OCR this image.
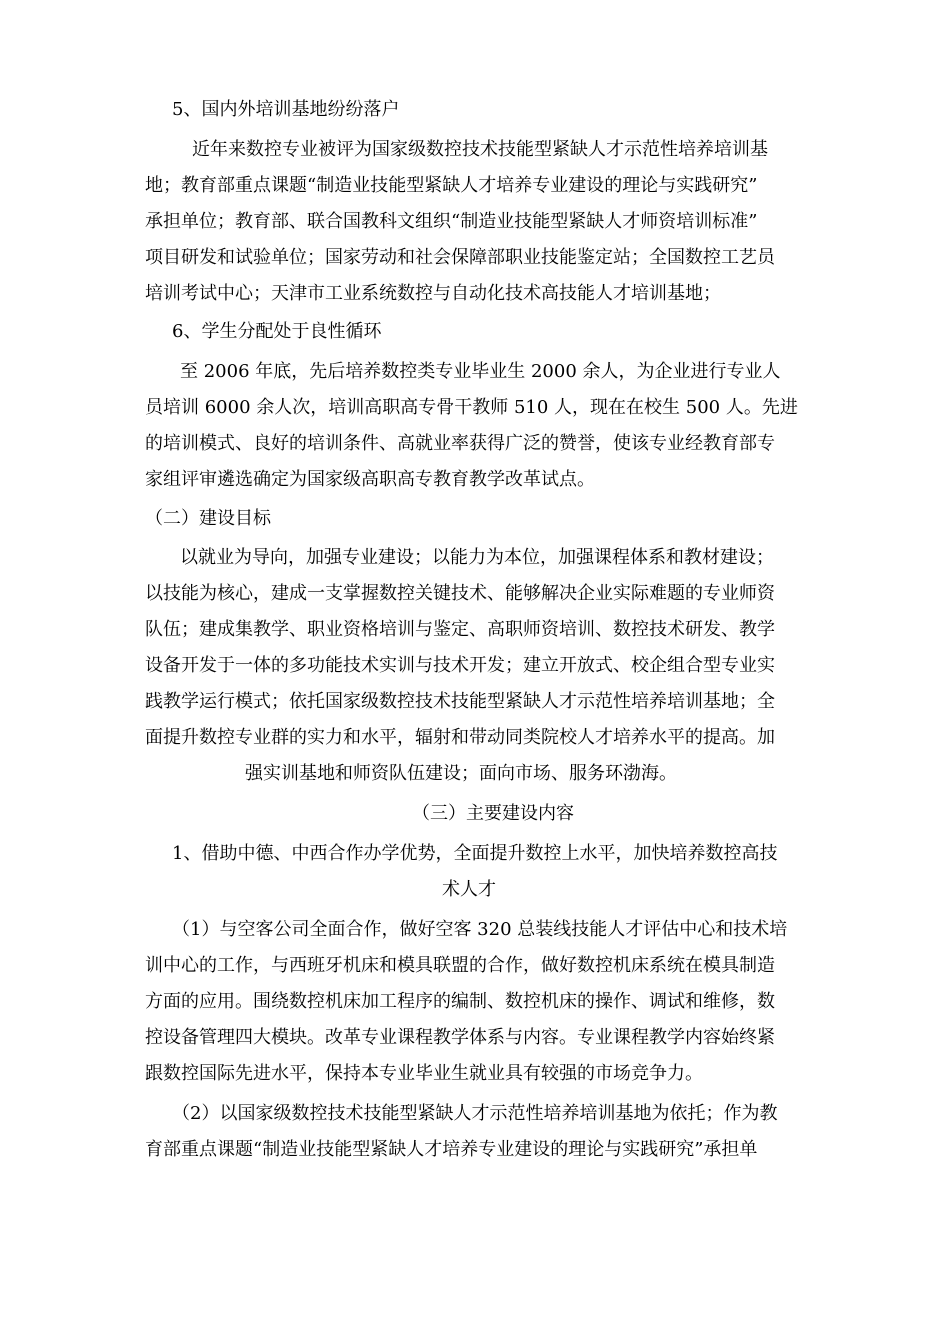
5、国内外培训基地纷纷落户
近年来数控专业被评为国家级数控技术技能型紧缺人才示范性培养培训基
地；教育部重点课题“制造业技能型紧缺人才培养专业建设的理论与实践研究”
承担单位；教育部、联合国教科文组织“制造业技能型紧缺人才师资培训标准”
项目研发和试验单位；国家劳动和社会保障部职业技能鉴定站；全国数控工艺员
培训考试中心；天津市工业系统数控与自动化技术高技能人才培训基地；
6、学生分配处于良性循环
至 2006 年底，先后培养数控类专业毕业生 2000 余人，为企业进行专业人
员培训 6000 余人次，培训高职高专骨干教师 510 人，现在在校生 500 人。先进
的培训模式、良好的培训条件、高就业率获得广泛的赞誉，使该专业经教育部专
家组评审遴选确定为国家级高职高专教育教学改革试点。
（二）建设目标
以就业为导向，加强专业建设；以能力为本位，加强课程体系和教材建设；
以技能为核心，建成一支掌握数控关键技术、能够解决企业实际难题的专业师资
队伍；建成集教学、职业资格培训与鉴定、高职师资培训、数控技术研发、教学
设备开发于一体的多功能技术实训与技术开发；建立开放式、校企组合型专业实
践教学运行模式；依托国家级数控技术技能型紧缺人才示范性培养培训基地；全
面提升数控专业群的实力和水平，辐射和带动同类院校人才培养水平的提高。加
强实训基地和师资队伍建设；面向市场、服务环渤海。
（三）主要建设内容
1、借助中德、中西合作办学优势，全面提升数控上水平，加快培养数控高技
术人才
（1）与空客公司全面合作，做好空客 320 总装线技能人才评估中心和技术培
训中心的工作，与西班牙机床和模具联盟的合作，做好数控机床系统在模具制造
方面的应用。围绕数控机床加工程序的编制、数控机床的操作、调试和维修，数
控设备管理四大模块。改革专业课程教学体系与内容。专业课程教学内容始终紧
跟数控国际先进水平，保持本专业毕业生就业具有较强的市场竞争力。
（2）以国家级数控技术技能型紧缺人才示范性培养培训基地为依托；作为教
育部重点课题“制造业技能型紧缺人才培养专业建设的理论与实践研究”承担单
